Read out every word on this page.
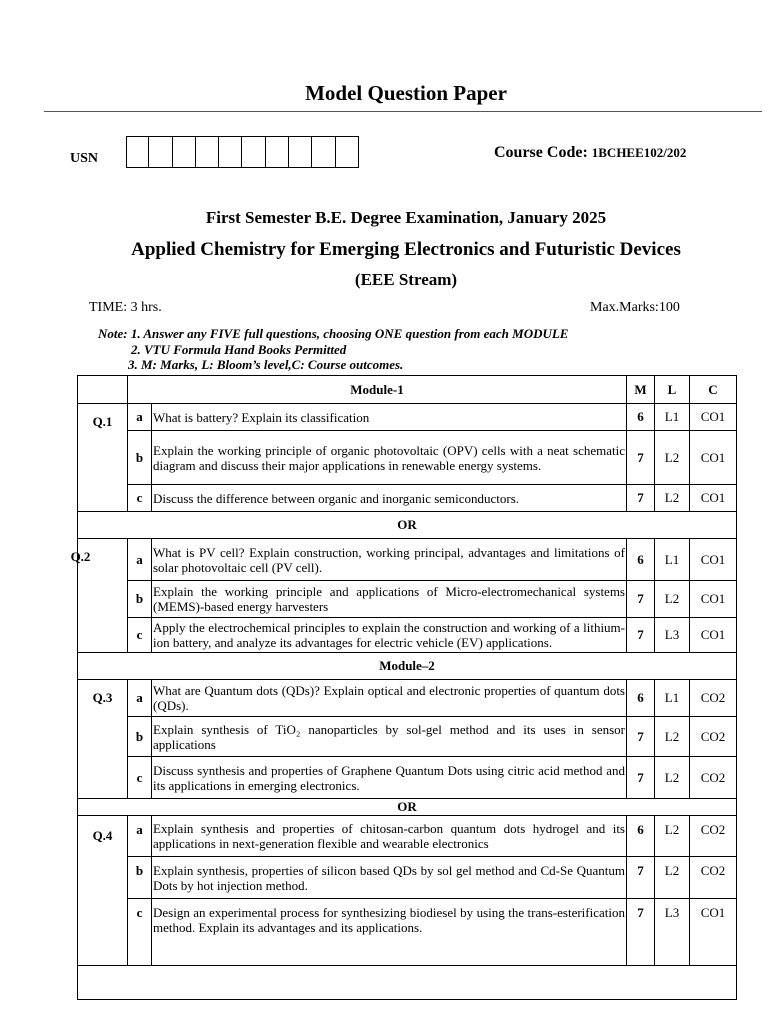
Model Question Paper
USN	Course Code: 1BCHEE102/202
First Semester B.E. Degree Examination, January 2025
Applied Chemistry for Emerging Electronics and Futuristic Devices
(EEE Stream)
TIME: 3 hrs.	Max.Marks:100
Note: 1. Answer any FIVE full questions, choosing ONE question from each MODULE
2. VTU Formula Hand Books Permitted
3. M: Marks, L: Bloom’s level,C: Course outcomes.
	Module-1		M	L	C
Q.1	a	What is battery? Explain its classification	6	L1	CO1
	b	Explain the working principle of organic photovoltaic (OPV) cells with a neat schematic diagram and discuss their major applications in renewable energy systems.	7	L2	CO1
	c	Discuss the difference between organic and inorganic semiconductors.	7	L2	CO1
OR					
Q.2	a	What is PV cell? Explain construction, working principal, advantages and limitations of solar photovoltaic cell (PV cell).	6	L1	CO1
	b	Explain the working principle and applications of Micro-electromechanical systems (MEMS)-based energy harvesters	7	L2	CO1
	c	Apply the electrochemical principles to explain the construction and working of a lithium-ion battery, and analyze its advantages for electric vehicle (EV) applications.	7	L3	CO1
Module–2					
Q.3	a	What are Quantum dots (QDs)? Explain optical and electronic properties of quantum dots (QDs).	6	L1	CO2
	b	Explain synthesis of TiO₂ nanoparticles by sol-gel method and its uses in sensor applications	7	L2	CO2
	c	Discuss synthesis and properties of Graphene Quantum Dots using citric acid method and its applications in emerging electronics.	7	L2	CO2
OR					
Q.4	a	Explain synthesis and properties of chitosan-carbon quantum dots hydrogel and its applications in next-generation flexible and wearable electronics	6	L2	CO2
	b	Explain synthesis, properties of silicon based QDs by sol gel method and Cd-Se Quantum Dots by hot injection method.	7	L2	CO2
	c	Design an experimental process for synthesizing biodiesel by using the trans-esterification method. Explain its advantages and its applications.	7	L3	CO1
